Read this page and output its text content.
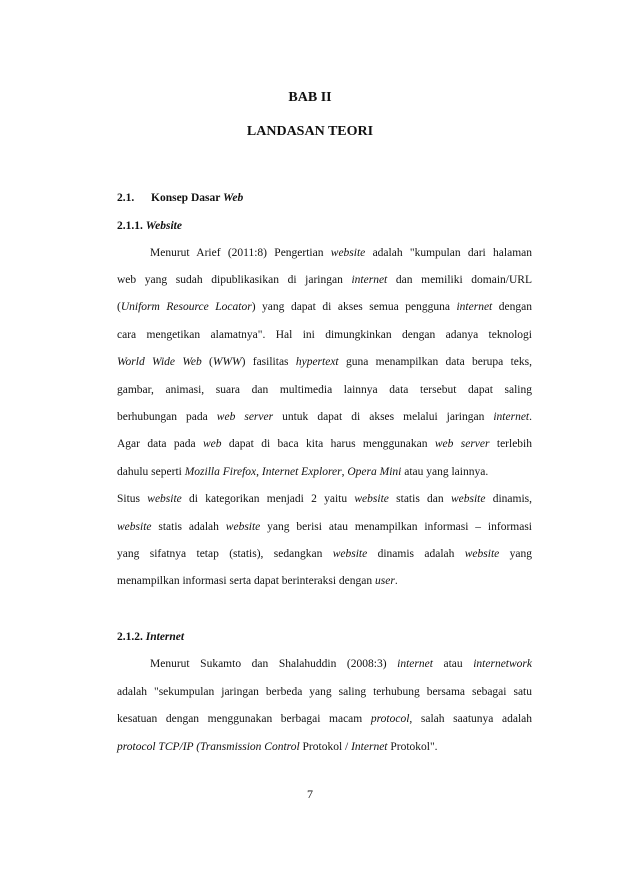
BAB II
LANDASAN TEORI
2.1. Konsep Dasar Web
2.1.1. Website
Menurut Arief (2011:8) Pengertian website adalah "kumpulan dari halaman
web yang sudah dipublikasikan di jaringan internet dan memiliki domain/URL
(Uniform Resource Locator) yang dapat di akses semua pengguna internet dengan
cara mengetikan alamatnya". Hal ini dimungkinkan dengan adanya teknologi
World Wide Web (WWW) fasilitas hypertext guna menampilkan data berupa teks,
gambar, animasi, suara dan multimedia lainnya data tersebut dapat saling
berhubungan pada web server untuk dapat di akses melalui jaringan internet.
Agar data pada web dapat di baca kita harus menggunakan web server terlebih
dahulu seperti Mozilla Firefox, Internet Explorer, Opera Mini atau yang lainnya.
Situs website di kategorikan menjadi 2 yaitu website statis dan website dinamis,
website statis adalah website yang berisi atau menampilkan informasi – informasi
yang sifatnya tetap (statis), sedangkan website dinamis adalah website yang
menampilkan informasi serta dapat berinteraksi dengan user.
2.1.2. Internet
Menurut Sukamto dan Shalahuddin (2008:3) internet atau internetwork
adalah "sekumpulan jaringan berbeda yang saling terhubung bersama sebagai satu
kesatuan dengan menggunakan berbagai macam protocol, salah saatunya adalah
protocol TCP/IP (Transmission Control Protokol / Internet Protokol".
7
